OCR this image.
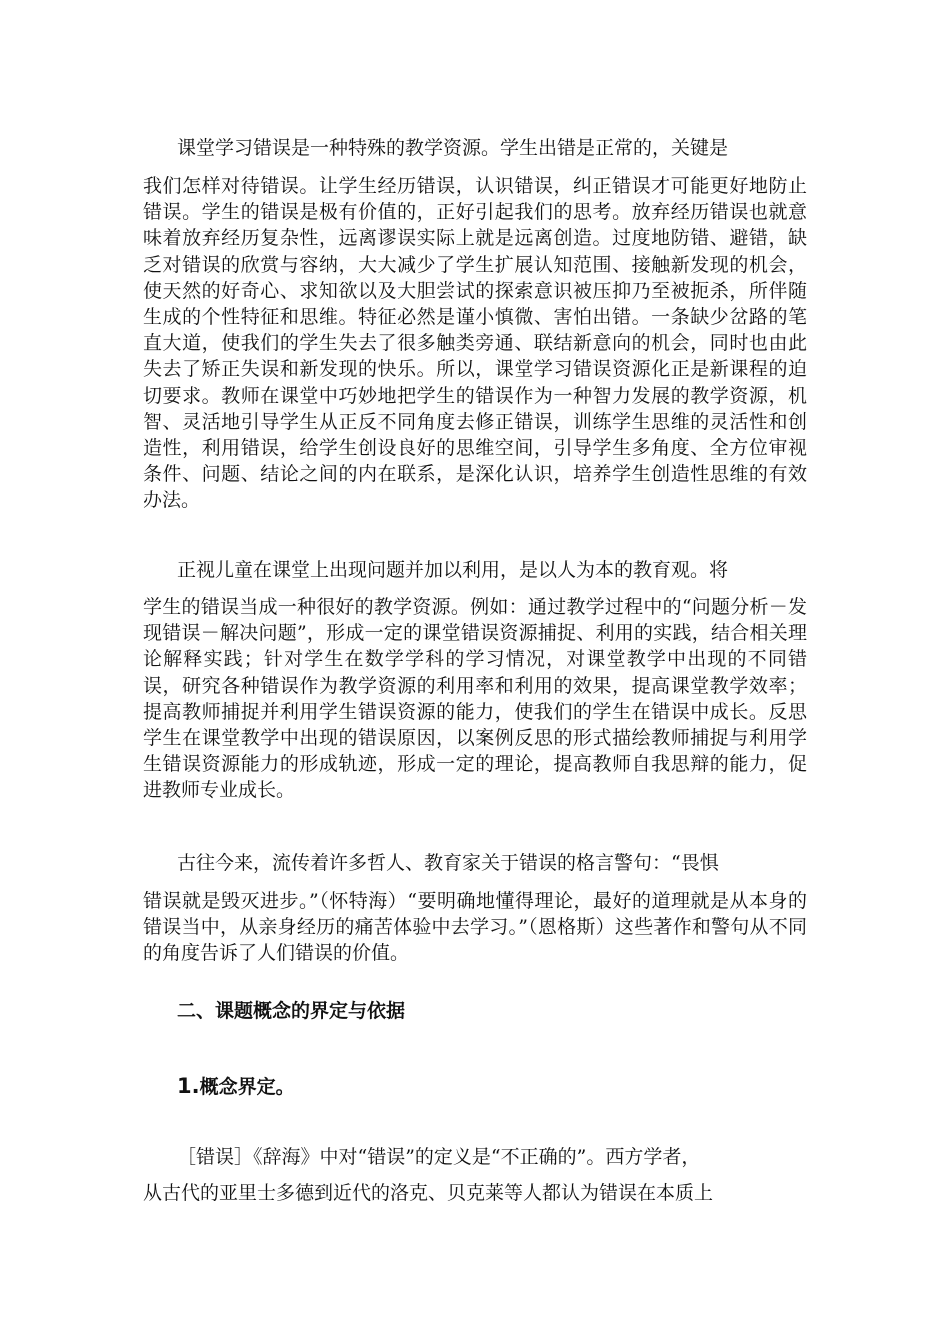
课堂学习错误是一种特殊的教学资源。学生出错是正常的，关键是

我们怎样对待错误。让学生经历错误，认识错误，纠正错误才可能更好地防止错误。学生的错误是极有价值的，正好引起我们的思考。放弃经历错误也就意味着放弃经历复杂性，远离谬误实际上就是远离创造。过度地防错、避错，缺乏对错误的欣赏与容纳，大大减少了学生扩展认知范围、接触新发现的机会，使天然的好奇心、求知欲以及大胆尝试的探索意识被压抑乃至被扼杀，所伴随生成的个性特征和思维。特征必然是谨小慎微、害怕出错。一条缺少岔路的笔直大道，使我们的学生失去了很多触类旁通、联结新意向的机会，同时也由此失去了矫正失误和新发现的快乐。所以，课堂学习错误资源化正是新课程的迫切要求。教师在课堂中巧妙地把学生的错误作为一种智力发展的教学资源，机智、灵活地引导学生从正反不同角度去修正错误，训练学生思维的灵活性和创造性，利用错误，给学生创设良好的思维空间，引导学生多角度、全方位审视条件、问题、结论之间的内在联系，是深化认识，培养学生创造性思维的有效办法。

正视儿童在课堂上出现问题并加以利用，是以人为本的教育观。将

学生的错误当成一种很好的教学资源。例如：通过教学过程中的“问题分析－发现错误－解决问题”，形成一定的课堂错误资源捕捉、利用的实践，结合相关理论解释实践；针对学生在数学学科的学习情况，对课堂教学中出现的不同错误，研究各种错误作为教学资源的利用率和利用的效果，提高课堂教学效率；提高教师捕捉并利用学生错误资源的能力，使我们的学生在错误中成长。反思学生在课堂教学中出现的错误原因，以案例反思的形式描绘教师捕捉与利用学生错误资源能力的形成轨迹，形成一定的理论，提高教师自我思辩的能力，促进教师专业成长。

古往今来，流传着许多哲人、教育家关于错误的格言警句：“畏惧

错误就是毁灭进步。”（怀特海）“要明确地懂得理论，最好的道理就是从本身的错误当中，从亲身经历的痛苦体验中去学习。”（恩格斯）这些著作和警句从不同的角度告诉了人们错误的价值。

二、课题概念的界定与依据
1.概念界定。

［错误］《辞海》中对“错误”的定义是“不正确的”。西方学者，

从古代的亚里士多德到近代的洛克、贝克莱等人都认为错误在本质上
